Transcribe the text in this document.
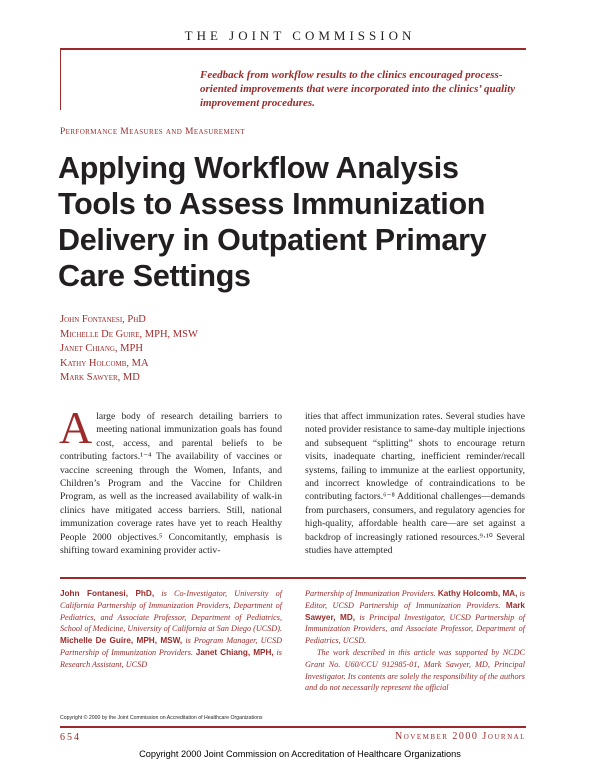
THE JOINT COMMISSION
Feedback from workflow results to the clinics encouraged process-oriented improvements that were incorporated into the clinics’ quality improvement procedures.
Performance Measures and Measurement
Applying Workflow Analysis Tools to Assess Immunization Delivery in Outpatient Primary Care Settings
John Fontanesi, PhD
Michelle De Guire, MPH, MSW
Janet Chiang, MPH
Kathy Holcomb, MA
Mark Sawyer, MD
Alarge body of research detailing barriers to meeting national immunization goals has found cost, access, and parental beliefs to be contributing factors.¹⁻⁴ The availability of vaccines or vaccine screening through the Women, Infants, and Children’s Program and the Vaccine for Children Program, as well as the increased availability of walk-in clinics have mitigated access barriers. Still, national immunization coverage rates have yet to reach Healthy People 2000 objectives.⁵ Concomitantly, emphasis is shifting toward examining provider activ-
ities that affect immunization rates. Several studies have noted provider resistance to same-day multiple injections and subsequent “splitting” shots to encourage return visits, inadequate charting, inefficient reminder/recall systems, failing to immunize at the earliest opportunity, and incorrect knowledge of contraindications to be contributing factors.⁶⁻⁸ Additional challenges—demands from purchasers, consumers, and regulatory agencies for high-quality, affordable health care—are set against a backdrop of increasingly rationed resources.⁹·¹⁰ Several studies have attempted
John Fontanesi, PhD, is Co-Investigator, University of California Partnership of Immunization Providers, Department of Pediatrics, and Associate Professor, Department of Pediatrics, School of Medicine, University of California at San Diego (UCSD). Michelle De Guire, MPH, MSW, is Program Manager, UCSD Partnership of Immunization Providers. Janet Chiang, MPH, is Research Assistant, UCSD
Partnership of Immunization Providers. Kathy Holcomb, MA, is Editor, UCSD Partnership of Immunization Providers. Mark Sawyer, MD, is Principal Investigator, UCSD Partnership of Immunization Providers, and Associate Professor, Department of Pediatrics, UCSD.
The work described in this article was supported by NCDC Grant No. U60/CCU 912985-01, Mark Sawyer, MD, Principal Investigator. Its contents are solely the responsibility of the authors and do not necessarily represent the official
Copyright © 2000 by the Joint Commission on Accreditation of Healthcare Organizations
654	November 2000 Journal
Copyright 2000 Joint Commission on Accreditation of Healthcare Organizations
